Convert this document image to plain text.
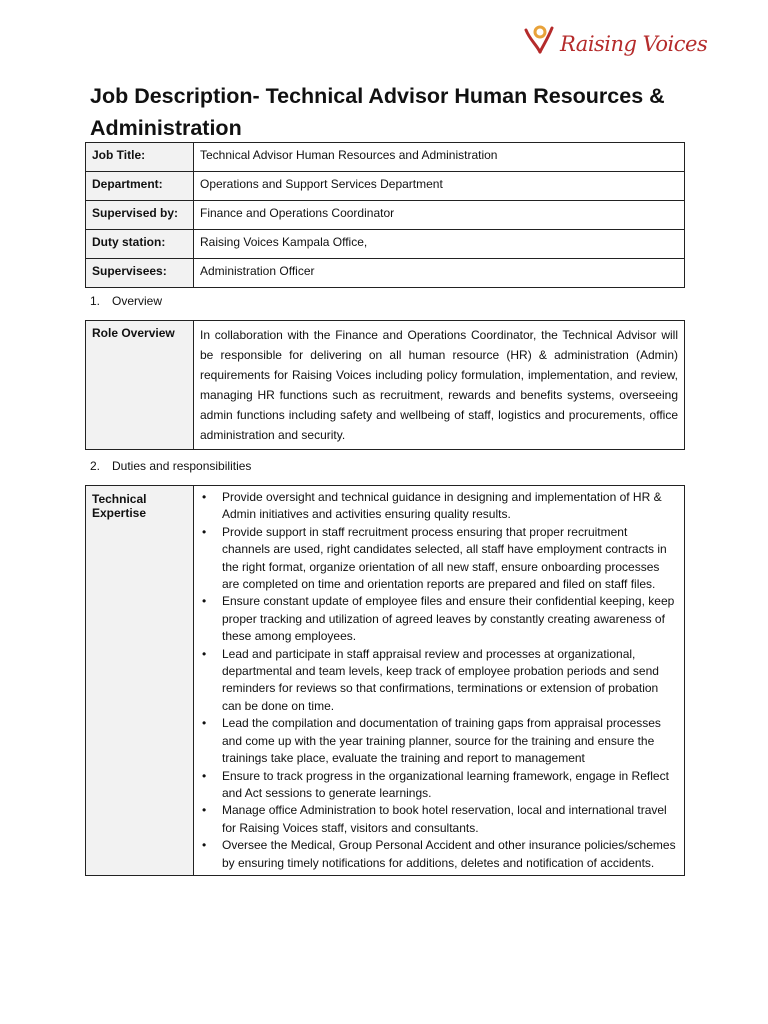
Raising Voices
Job Description- Technical Advisor Human Resources & Administration
Job Title:	Technical Advisor Human Resources and Administration
Department:	Operations and Support Services Department
Supervised by:	Finance and Operations Coordinator
Duty station:	Raising Voices Kampala Office,
Supervisees:	Administration Officer
1. Overview
Role Overview	In collaboration with the Finance and Operations Coordinator, the Technical Advisor will be responsible for delivering on all human resource (HR) & administration (Admin) requirements for Raising Voices including policy formulation, implementation, and review, managing HR functions such as recruitment, rewards and benefits systems, overseeing admin functions including safety and wellbeing of staff, logistics and procurements, office administration and security.
2. Duties and responsibilities
Technical Expertise	
• Provide oversight and technical guidance in designing and implementation of HR & Admin initiatives and activities ensuring quality results.
• Provide support in staff recruitment process ensuring that proper recruitment channels are used, right candidates selected, all staff have employment contracts in the right format, organize orientation of all new staff, ensure onboarding processes are completed on time and orientation reports are prepared and filed on staff files.
• Ensure constant update of employee files and ensure their confidential keeping, keep proper tracking and utilization of agreed leaves by constantly creating awareness of these among employees.
• Lead and participate in staff appraisal review and processes at organizational, departmental and team levels, keep track of employee probation periods and send reminders for reviews so that confirmations, terminations or extension of probation can be done on time.
• Lead the compilation and documentation of training gaps from appraisal processes and come up with the year training planner, source for the training and ensure the trainings take place, evaluate the training and report to management
• Ensure to track progress in the organizational learning framework, engage in Reflect and Act sessions to generate learnings.
• Manage office Administration to book hotel reservation, local and international travel for Raising Voices staff, visitors and consultants.
• Oversee the Medical, Group Personal Accident and other insurance policies/schemes by ensuring timely notifications for additions, deletes and notification of accidents.
